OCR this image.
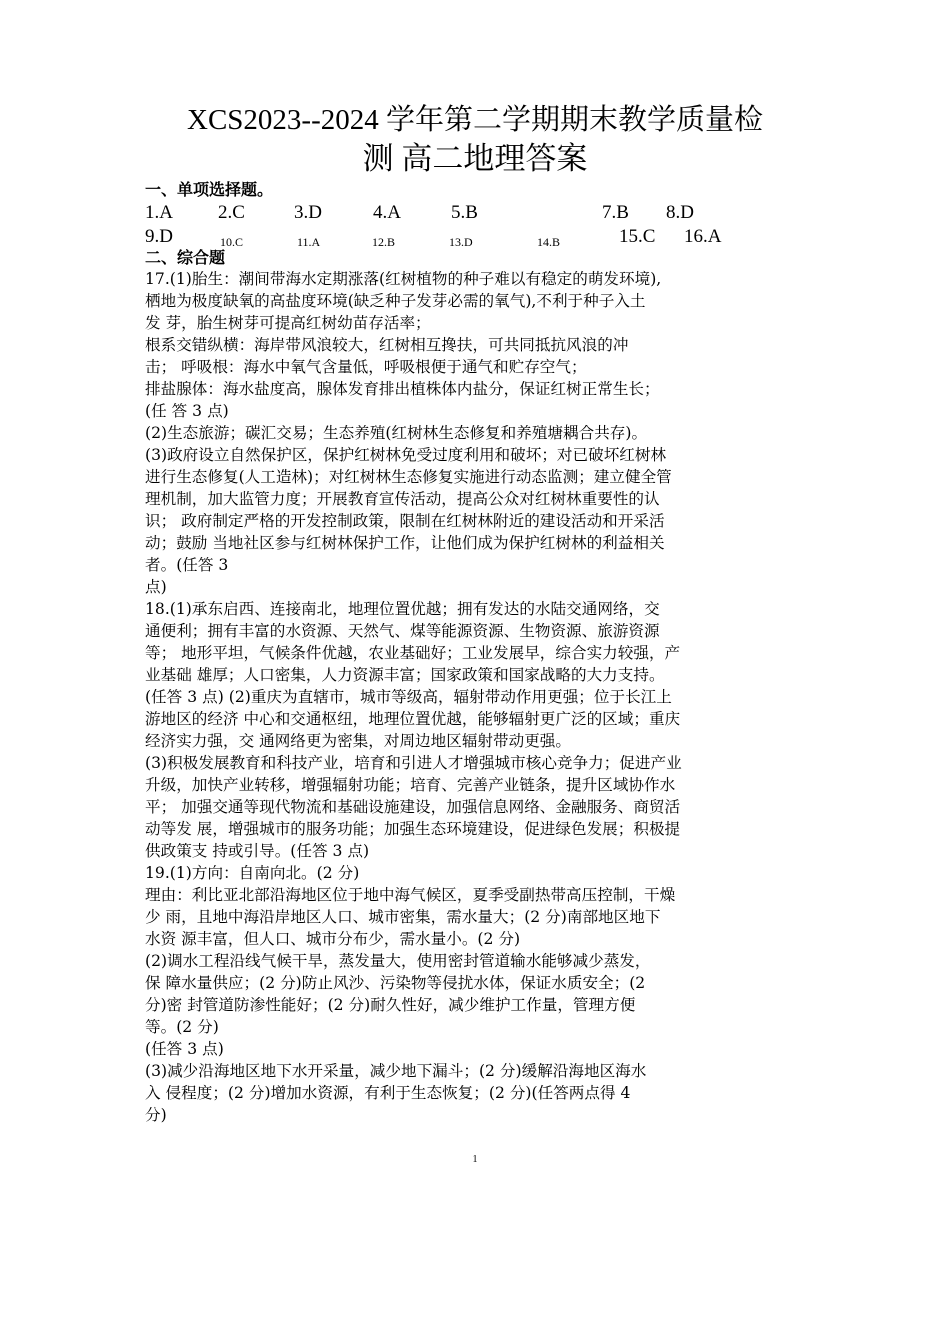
XCS2023--2024 学年第二学期期末教学质量检
测 高二地理答案
一、单项选择题。
1.A 2.C	3.D	4.A	5.B	7.B 8.D
9.D	10.C	11.A	12.B	13.D	14.B	15.C 16.A
二、综合题
17.(1)胎生：潮间带海水定期涨落(红树植物的种子难以有稳定的萌发环境),
栖地为极度缺氧的高盐度环境(缺乏种子发芽必需的氧气),不利于种子入土
发 芽，胎生树芽可提高红树幼苗存活率；
根系交错纵横：海岸带风浪较大，红树相互搀扶，可共同抵抗风浪的冲
击； 呼吸根：海水中氧气含量低，呼吸根便于通气和贮存空气；
排盐腺体：海水盐度高，腺体发育排出植株体内盐分，保证红树正常生长；
(任 答 3 点)
(2)生态旅游；碳汇交易；生态养殖(红树林生态修复和养殖塘耦合共存)。
(3)政府设立自然保护区，保护红树林免受过度利用和破坏；对已破坏红树林
进行生态修复(人工造林)；对红树林生态修复实施进行动态监测；建立健全管
理机制，加大监管力度；开展教育宣传活动，提高公众对红树林重要性的认
识； 政府制定严格的开发控制政策，限制在红树林附近的建设活动和开采活
动；鼓励 当地社区参与红树林保护工作，让他们成为保护红树林的利益相关
者。(任答 3
点)
18.(1)承东启西、连接南北，地理位置优越；拥有发达的水陆交通网络，交
通便利；拥有丰富的水资源、天然气、煤等能源资源、生物资源、旅游资源
等； 地形平坦，气候条件优越，农业基础好；工业发展早，综合实力较强，产
业基础 雄厚；人口密集，人力资源丰富；国家政策和国家战略的大力支持。
(任答 3 点) (2)重庆为直辖市，城市等级高，辐射带动作用更强；位于长江上
游地区的经济 中心和交通枢纽，地理位置优越，能够辐射更广泛的区域；重庆
经济实力强，交 通网络更为密集，对周边地区辐射带动更强。
(3)积极发展教育和科技产业，培育和引进人才增强城市核心竞争力；促进产业
升级，加快产业转移，增强辐射功能；培育、完善产业链条，提升区域协作水
平； 加强交通等现代物流和基础设施建设，加强信息网络、金融服务、商贸活
动等发 展，增强城市的服务功能；加强生态环境建设，促进绿色发展；积极提
供政策支 持或引导。(任答 3 点)
19.(1)方向：自南向北。(2 分)
理由：利比亚北部沿海地区位于地中海气候区，夏季受副热带高压控制，干燥
少 雨，且地中海沿岸地区人口、城市密集，需水量大；(2 分)南部地区地下
水资 源丰富，但人口、城市分布少，需水量小。(2 分)
(2)调水工程沿线气候干旱，蒸发量大，使用密封管道输水能够减少蒸发，
保 障水量供应；(2 分)防止风沙、污染物等侵扰水体，保证水质安全；(2
分)密 封管道防渗性能好；(2 分)耐久性好，减少维护工作量，管理方便
等。(2 分)
(任答 3 点)
(3)减少沿海地区地下水开采量，减少地下漏斗；(2 分)缓解沿海地区海水
入 侵程度；(2 分)增加水资源，有利于生态恢复；(2 分)(任答两点得 4
分)
1
